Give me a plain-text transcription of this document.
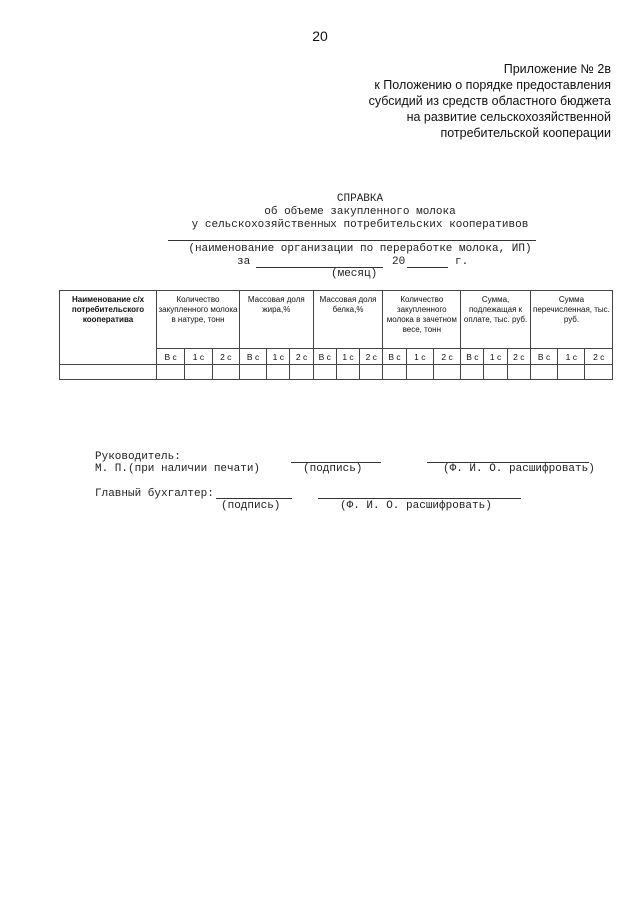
20
Приложение № 2в
к Положению о порядке предоставления
субсидий из средств областного бюджета
на развитие сельскохозяйственной
потребительской кооперации
СПРАВКА
об объеме закупленного молока
у сельскохозяйственных потребительских кооперативов
(наименование организации по переработке молока, ИП)
за	20	г.
(месяц)
Наименование с/х потребительского кооператива	Количество закупленного молока в натуре, тонн			Массовая доля жира,%			Массовая доля белка,%			Количество закупленного молока в зачетном весе, тонн			Сумма, подлежащая к оплате, тыс. руб.			Сумма перечисленная, тыс. руб.		
	В с	1 с	2 с	В с	1 с	2 с	В с	1 с	2 с	В с	1 с	2 с	В с	1 с	2 с	В с	1 с	2 с

Руководитель:
М. П.(при наличии печати)	(подпись)	(Ф. И. О. расшифровать)
Главный бухгалтер:
(подпись)	(Ф. И. О. расшифровать)
